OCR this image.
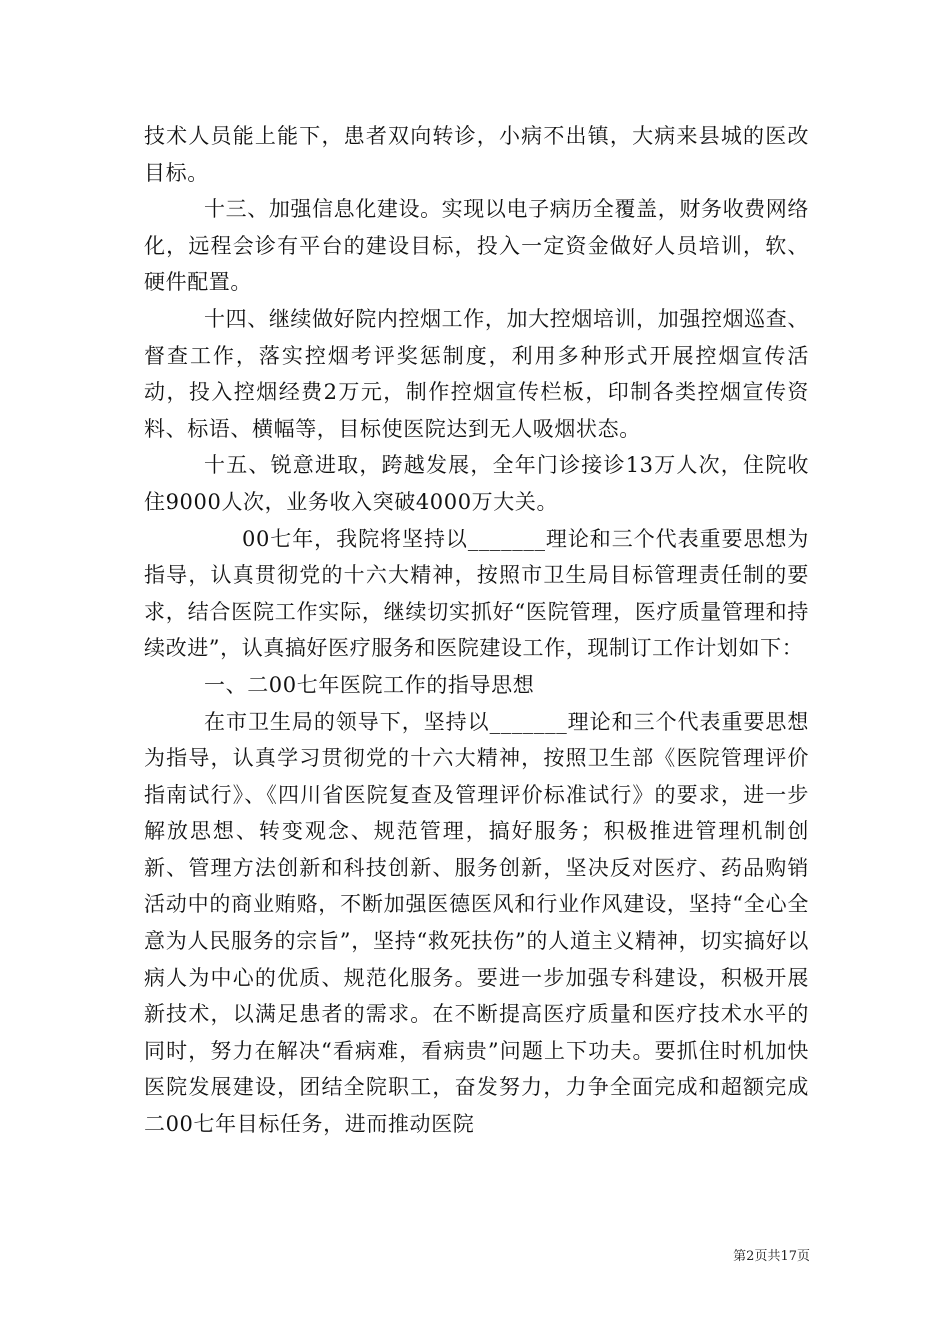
技术人员能上能下，患者双向转诊，小病不出镇，大病来县城的医改目标。

十三、加强信息化建设。实现以电子病历全覆盖，财务收费网络化，远程会诊有平台的建设目标，投入一定资金做好人员培训，软、硬件配置。

十四、继续做好院内控烟工作，加大控烟培训，加强控烟巡查、督查工作，落实控烟考评奖惩制度，利用多种形式开展控烟宣传活动，投入控烟经费2万元，制作控烟宣传栏板，印制各类控烟宣传资料、标语、横幅等，目标使医院达到无人吸烟状态。

十五、锐意进取，跨越发展，全年门诊接诊13万人次，住院收住9000人次，业务收入突破4000万大关。

00七年，我院将坚持以_______理论和三个代表重要思想为指导，认真贯彻党的十六大精神，按照市卫生局目标管理责任制的要求，结合医院工作实际，继续切实抓好“医院管理，医疗质量管理和持续改进”，认真搞好医疗服务和医院建设工作，现制订工作计划如下：

一、二00七年医院工作的指导思想

在市卫生局的领导下，坚持以_______理论和三个代表重要思想为指导，认真学习贯彻党的十六大精神，按照卫生部《医院管理评价指南试行》、《四川省医院复查及管理评价标准试行》的要求，进一步解放思想、转变观念、规范管理，搞好服务；积极推进管理机制创新、管理方法创新和科技创新、服务创新，坚决反对医疗、药品购销活动中的商业贿赂，不断加强医德医风和行业作风建设，坚持“全心全意为人民服务的宗旨”，坚持“救死扶伤”的人道主义精神，切实搞好以病人为中心的优质、规范化服务。要进一步加强专科建设，积极开展新技术，以满足患者的需求。在不断提高医疗质量和医疗技术水平的同时，努力在解决“看病难，看病贵”问题上下功夫。要抓住时机加快医院发展建设，团结全院职工，奋发努力，力争全面完成和超额完成二00七年目标任务，进而推动医院

第2页共17页
